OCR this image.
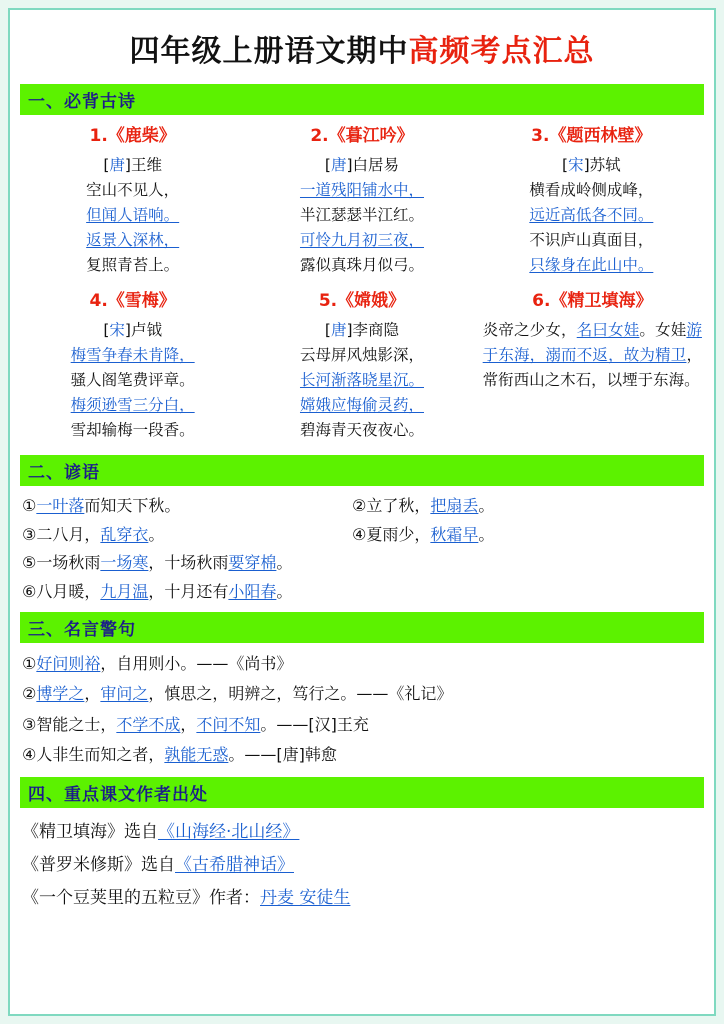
四年级上册语文期中高频考点汇总
一、必背古诗
1.《鹿柴》
[唐]王维
空山不见人，
但闻人语响。
返景入深林，
复照青苔上。
2.《暮江吟》
[唐]白居易
一道残阳铺水中，
半江瑟瑟半江红。
可怜九月初三夜，
露似真珠月似弓。
3.《题西林壁》
[宋]苏轼
横看成岭侧成峰，
远近高低各不同。
不识庐山真面目，
只缘身在此山中。
4.《雪梅》
[宋]卢钺
梅雪争春未肯降，
骚人阁笔费评章。
梅须逊雪三分白，
雪却输梅一段香。
5.《嫦娥》
[唐]李商隐
云母屏风烛影深，
长河渐落晓星沉。
嫦娥应悔偷灵药，
碧海青天夜夜心。
6.《精卫填海》
炎帝之少女，名曰女娃。女娃游于东海，溺而不返，故为精卫，常衔西山之木石，以堙于东海。
二、谚语
①一叶落而知天下秋。	②立了秋，把扇丢。
③二八月，乱穿衣。	④夏雨少，秋霜早。
⑤一场秋雨一场寒，十场秋雨要穿棉。
⑥八月暖，九月温，十月还有小阳春。
三、名言警句
①好问则裕，自用则小。——《尚书》
②博学之，审问之，慎思之，明辨之，笃行之。——《礼记》
③智能之士，不学不成，不问不知。——[汉]王充
④人非生而知之者，孰能无惑。——[唐]韩愈
四、重点课文作者出处
《精卫填海》选自《山海经·北山经》
《普罗米修斯》选自《古希腊神话》
《一个豆荚里的五粒豆》作者：丹麦 安徒生
